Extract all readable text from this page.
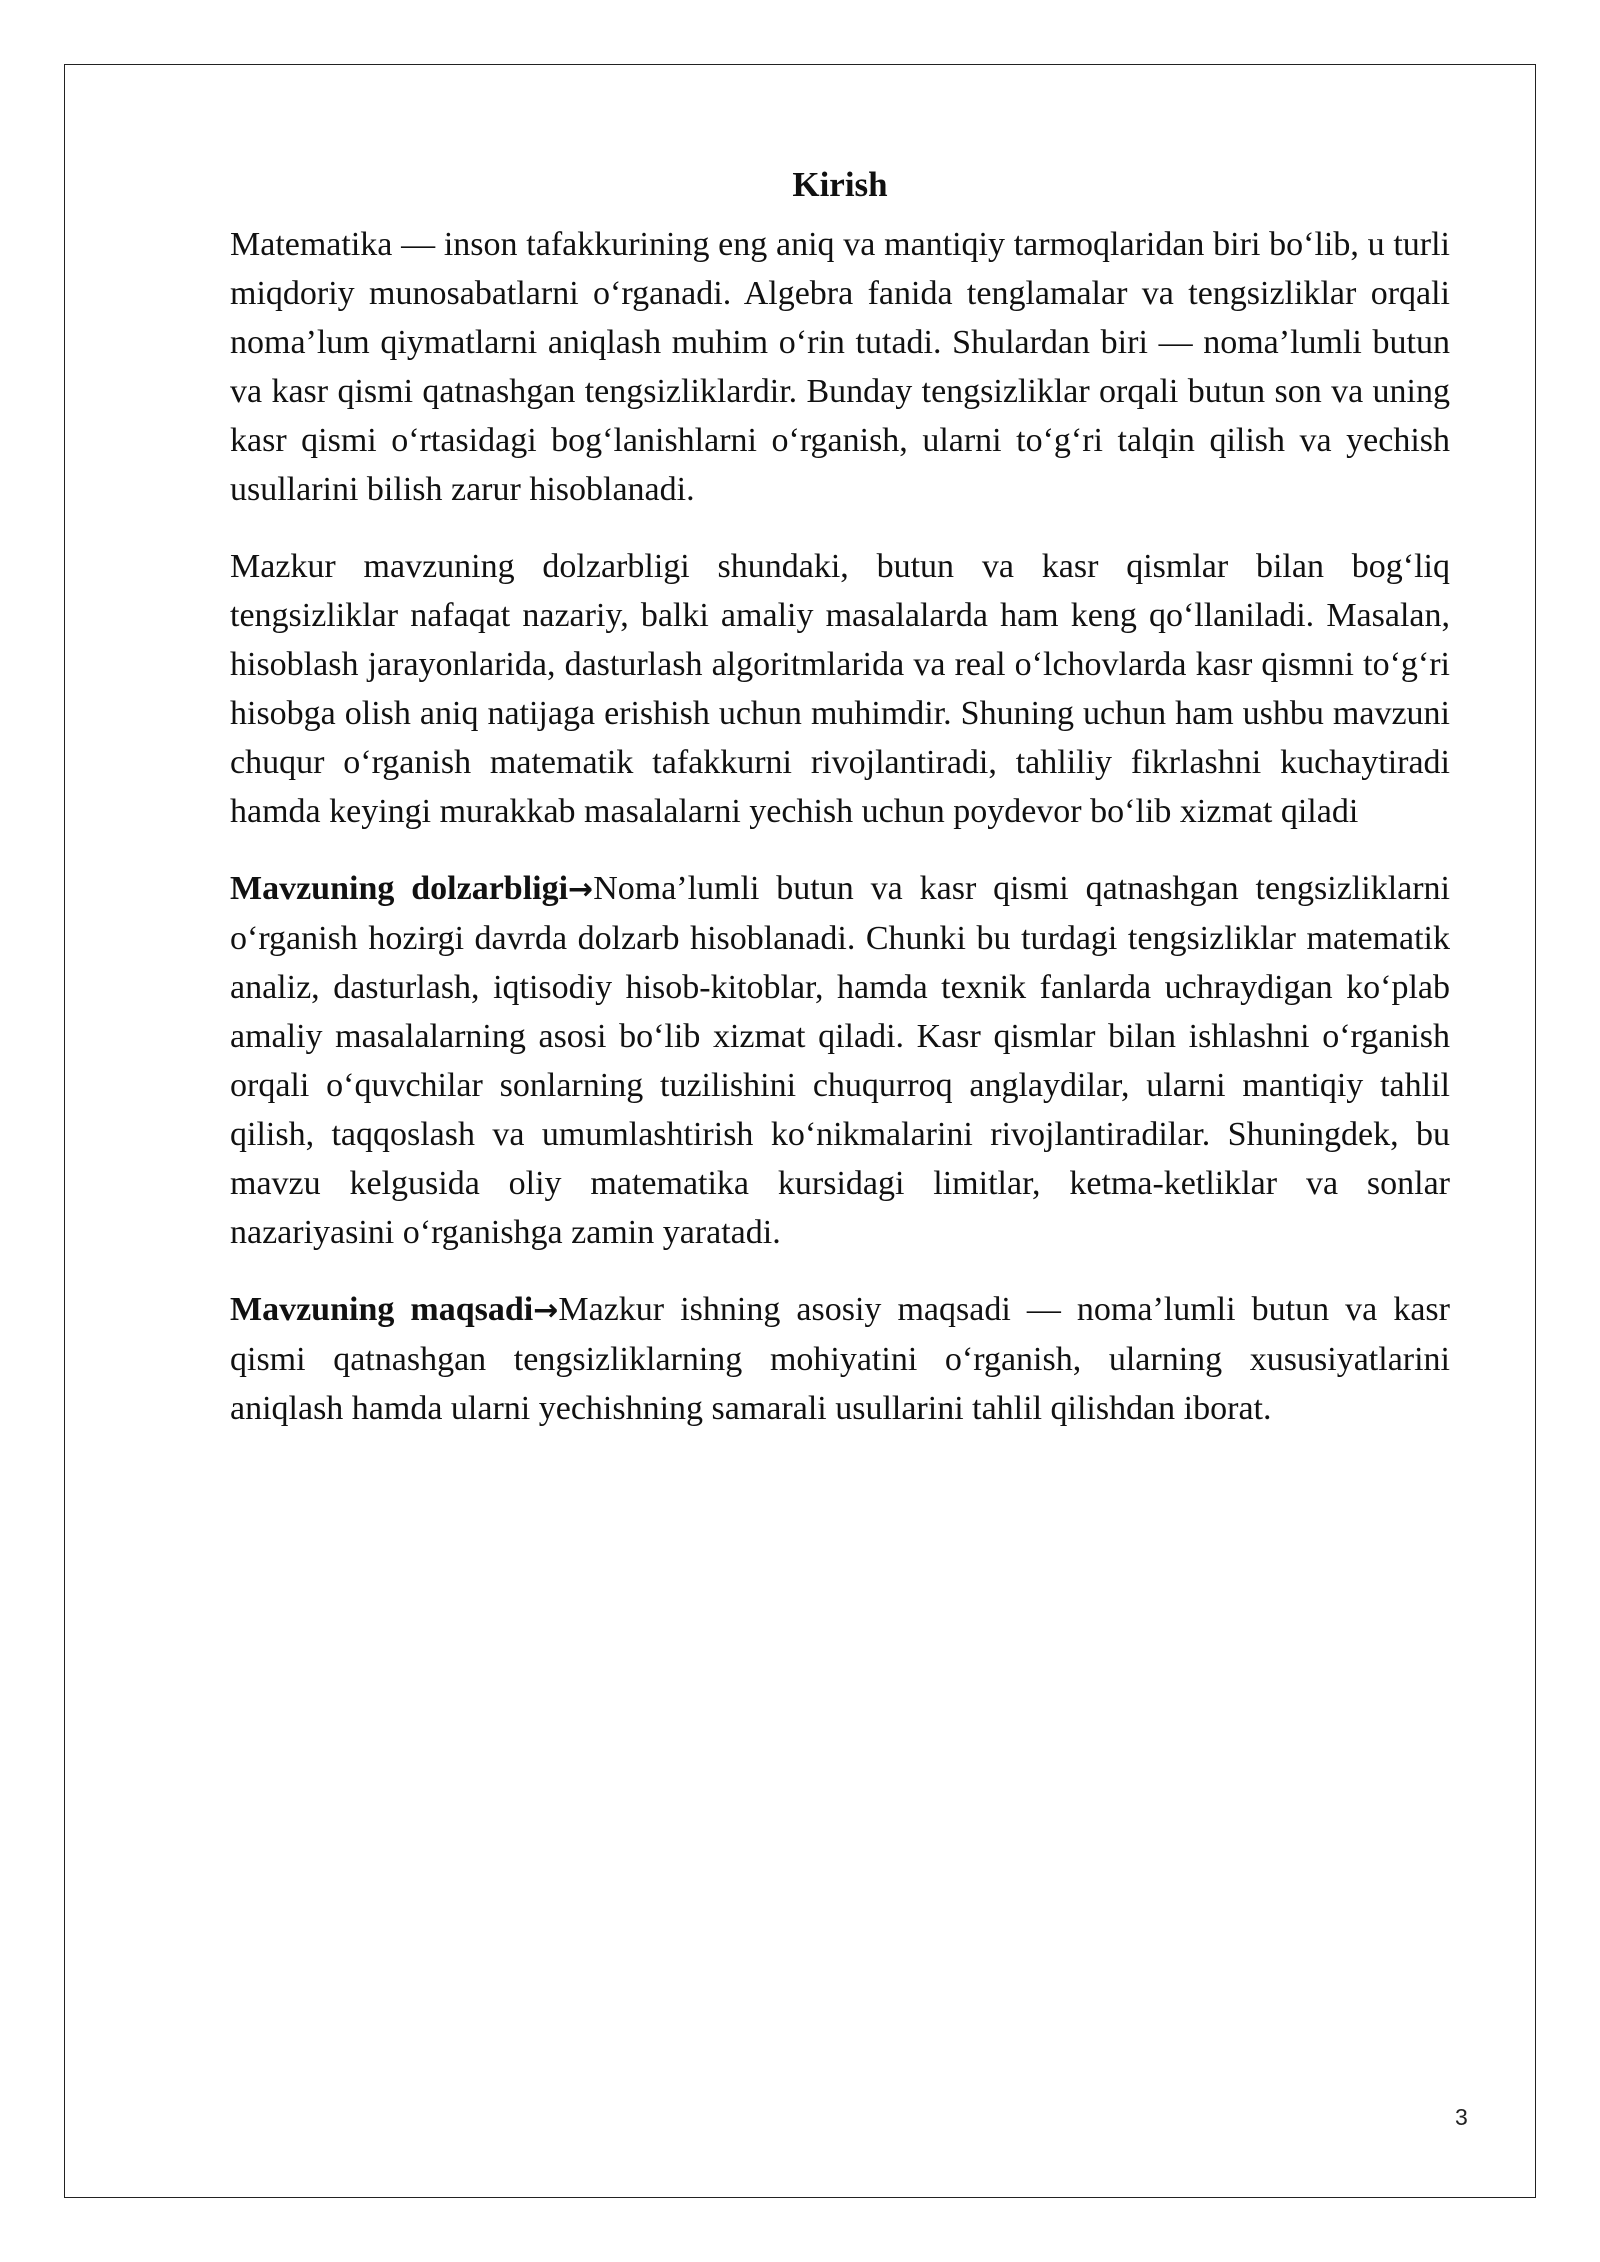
Kirish

Matematika — inson tafakkurining eng aniq va mantiqiy tarmoqlaridan biri bo‘lib, u turli miqdoriy munosabatlarni o‘rganadi. Algebra fanida tenglamalar va tengsizliklar orqali noma’lum qiymatlarni aniqlash muhim o‘rin tutadi. Shulardan biri — noma’lumli butun va kasr qismi qatnashgan tengsizliklardir. Bunday tengsizliklar orqali butun son va uning kasr qismi o‘rtasidagi bog‘lanishlarni o‘rganish, ularni to‘g‘ri talqin qilish va yechish usullarini bilish zarur hisoblanadi.

Mazkur mavzuning dolzarbligi shundaki, butun va kasr qismlar bilan bog‘liq tengsizliklar nafaqat nazariy, balki amaliy masalalarda ham keng qo‘llaniladi. Masalan, hisoblash jarayonlarida, dasturlash algoritmlarida va real o‘lchovlarda kasr qismni to‘g‘ri hisobga olish aniq natijaga erishish uchun muhimdir. Shuning uchun ham ushbu mavzuni chuqur o‘rganish matematik tafakkurni rivojlantiradi, tahliliy fikrlashni kuchaytiradi hamda keyingi murakkab masalalarni yechish uchun poydevor bo‘lib xizmat qiladi

Mavzuning dolzarbligi→Noma’lumli butun va kasr qismi qatnashgan tengsizliklarni o‘rganish hozirgi davrda dolzarb hisoblanadi. Chunki bu turdagi tengsizliklar matematik analiz, dasturlash, iqtisodiy hisob-kitoblar, hamda texnik fanlarda uchraydigan ko‘plab amaliy masalalarning asosi bo‘lib xizmat qiladi. Kasr qismlar bilan ishlashni o‘rganish orqali o‘quvchilar sonlarning tuzilishini chuqurroq anglaydilar, ularni mantiqiy tahlil qilish, taqqoslash va umumlashtirish ko‘nikmalarini rivojlantiradilar. Shuningdek, bu mavzu kelgusida oliy matematika kursidagi limitlar, ketma-ketliklar va sonlar nazariyasini o‘rganishga zamin yaratadi.

Mavzuning maqsadi→Mazkur ishning asosiy maqsadi — noma’lumli butun va kasr qismi qatnashgan tengsizliklarning mohiyatini o‘rganish, ularning xususiyatlarini aniqlash hamda ularni yechishning samarali usullarini tahlil qilishdan iborat.

3
